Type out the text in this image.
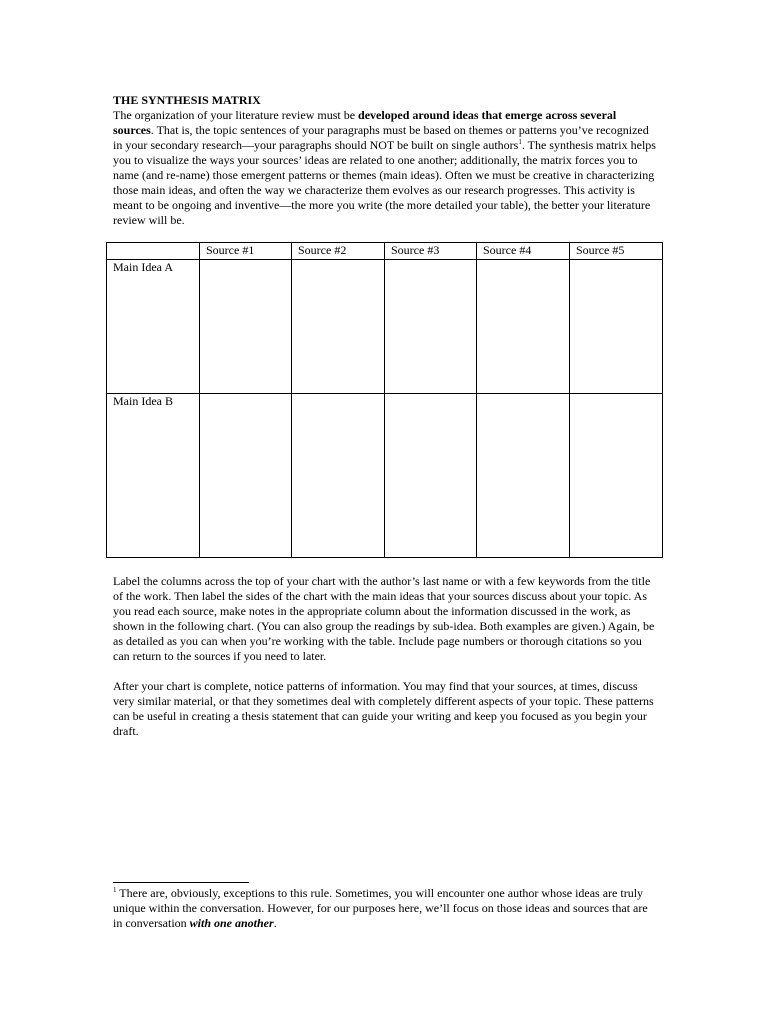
THE SYNTHESIS MATRIX

The organization of your literature review must be developed around ideas that emerge across several sources. That is, the topic sentences of your paragraphs must be based on themes or patterns you’ve recognized in your secondary research—your paragraphs should NOT be built on single authors$^1$. The synthesis matrix helps you to visualize the ways your sources’ ideas are related to one another; additionally, the matrix forces you to name (and re-name) those emergent patterns or themes (main ideas). Often we must be creative in characterizing those main ideas, and often the way we characterize them evolves as our research progresses. This activity is meant to be ongoing and inventive—the more you write (the more detailed your table), the better your literature review will be.

	Source #1	Source #2	Source #3	Source #4	Source #5
Main Idea A					
Main Idea B					

Label the columns across the top of your chart with the author’s last name or with a few keywords from the title of the work. Then label the sides of the chart with the main ideas that your sources discuss about your topic. As you read each source, make notes in the appropriate column about the information discussed in the work, as shown in the following chart. (You can also group the readings by sub-idea. Both examples are given.) Again, be as detailed as you can when you’re working with the table. Include page numbers or thorough citations so you can return to the sources if you need to later.

After your chart is complete, notice patterns of information. You may find that your sources, at times, discuss very similar material, or that they sometimes deal with completely different aspects of your topic. These patterns can be useful in creating a thesis statement that can guide your writing and keep you focused as you begin your draft.

$^1$ There are, obviously, exceptions to this rule. Sometimes, you will encounter one author whose ideas are truly unique within the conversation. However, for our purposes here, we’ll focus on those ideas and sources that are in conversation with one another.
